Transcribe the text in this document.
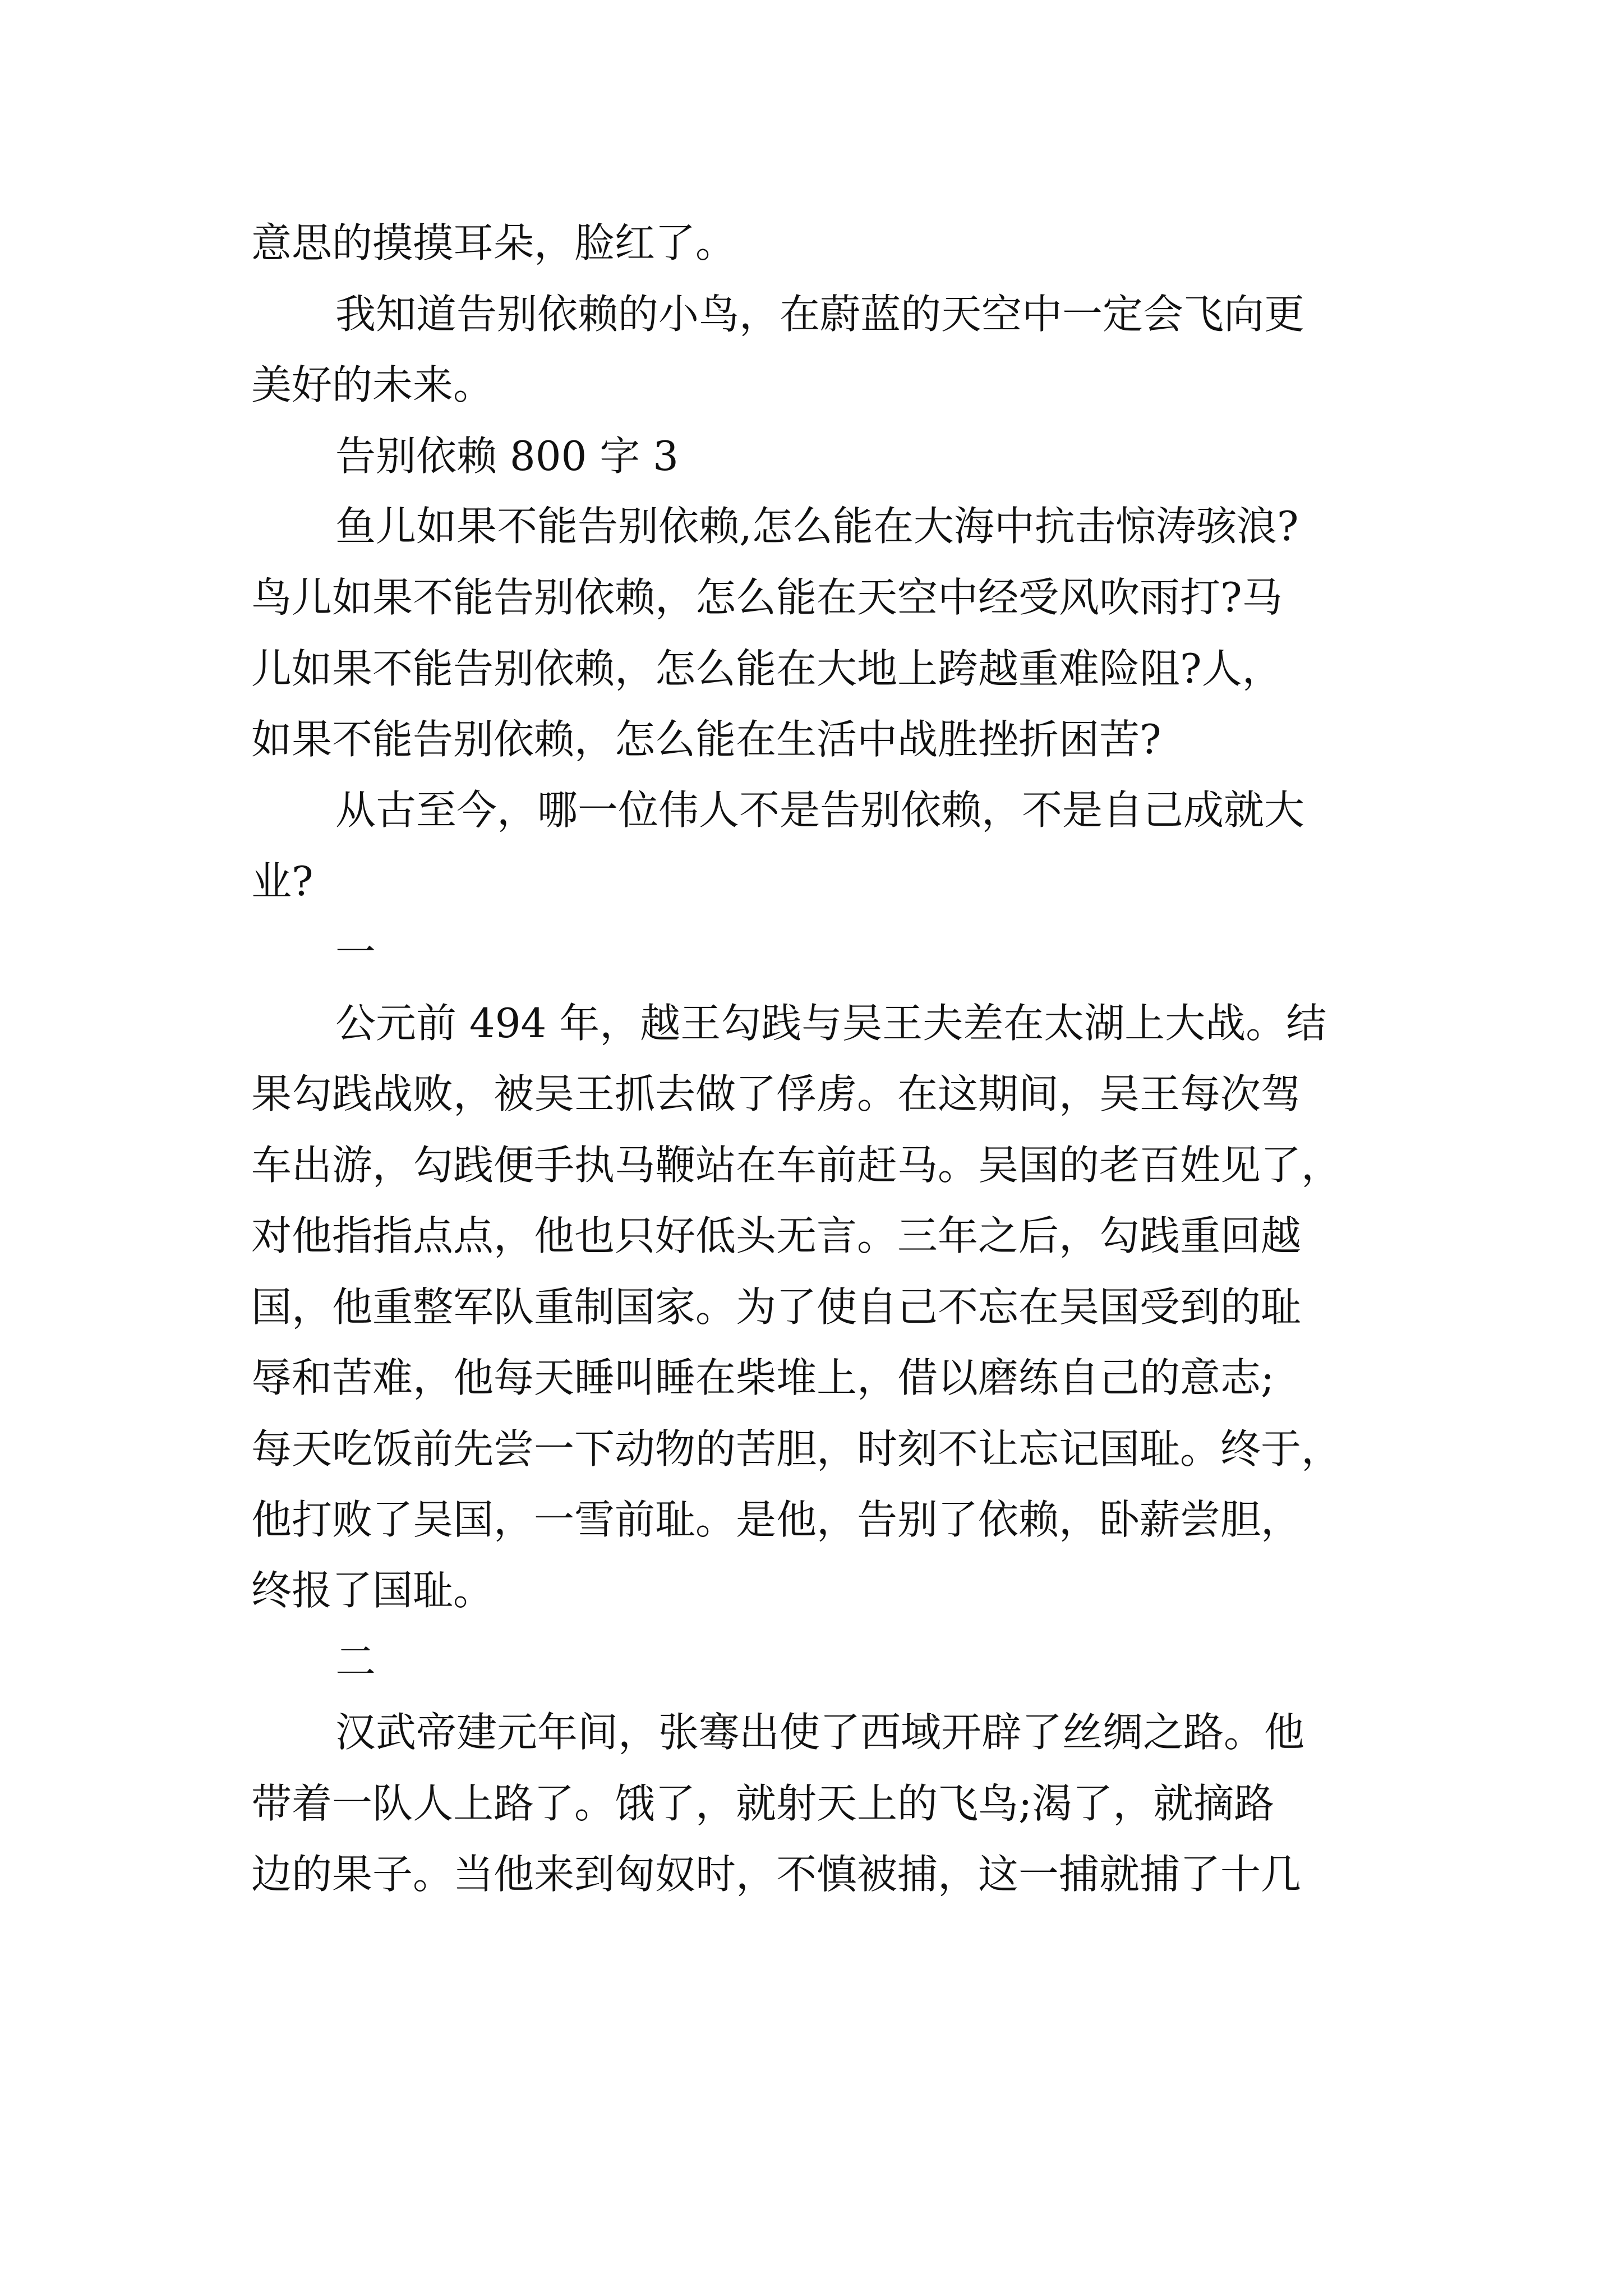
意思的摸摸耳朵，脸红了。
我知道告别依赖的小鸟，在蔚蓝的天空中一定会飞向更
美好的未来。
告别依赖 800 字 3
鱼儿如果不能告别依赖,怎么能在大海中抗击惊涛骇浪?
鸟儿如果不能告别依赖，怎么能在天空中经受风吹雨打?马
儿如果不能告别依赖，怎么能在大地上跨越重难险阻?人，
如果不能告别依赖，怎么能在生活中战胜挫折困苦?
从古至今，哪一位伟人不是告别依赖，不是自己成就大
业?
一
公元前 494 年，越王勾践与吴王夫差在太湖上大战。结
果勾践战败，被吴王抓去做了俘虏。在这期间，吴王每次驾
车出游，勾践便手执马鞭站在车前赶马。吴国的老百姓见了，
对他指指点点，他也只好低头无言。三年之后，勾践重回越
国，他重整军队重制国家。为了使自己不忘在吴国受到的耻
辱和苦难，他每天睡叫睡在柴堆上，借以磨练自己的意志;
每天吃饭前先尝一下动物的苦胆，时刻不让忘记国耻。终于，
他打败了吴国，一雪前耻。是他，告别了依赖，卧薪尝胆，
终报了国耻。
二
汉武帝建元年间，张骞出使了西域开辟了丝绸之路。他
带着一队人上路了。饿了，就射天上的飞鸟;渴了，就摘路
边的果子。当他来到匈奴时，不慎被捕，这一捕就捕了十几
